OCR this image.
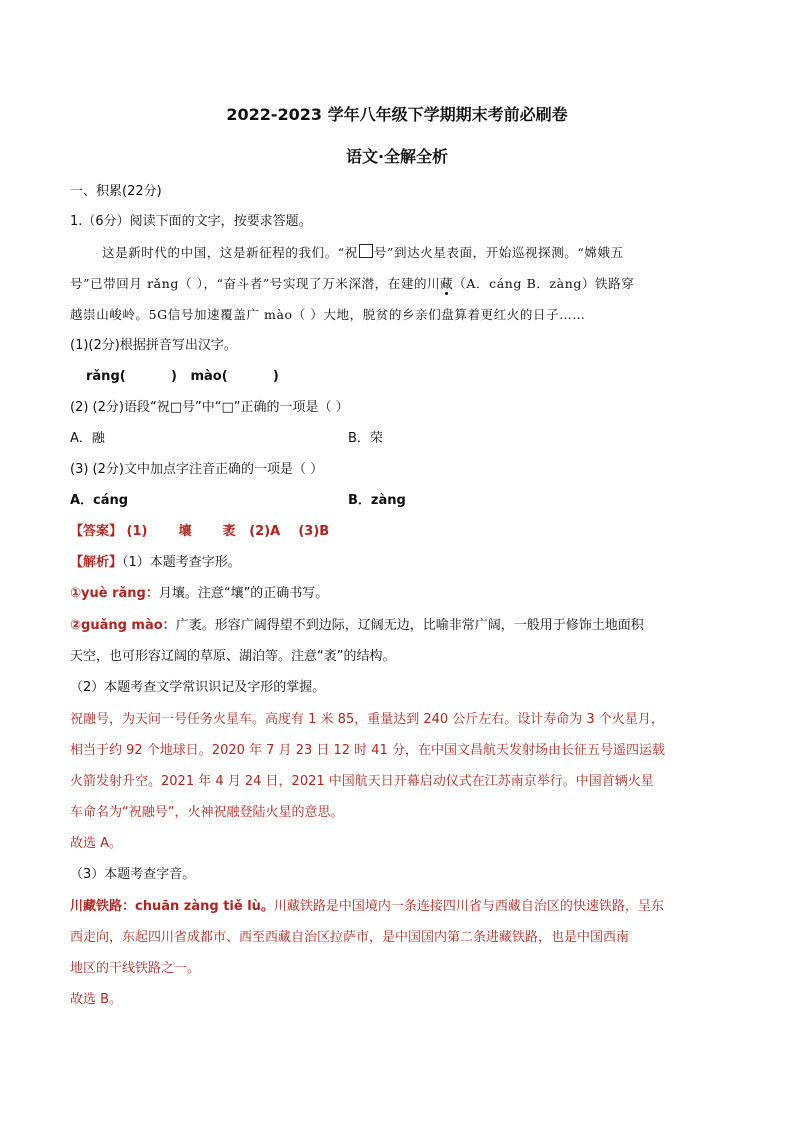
2022-2023 学年八年级下学期期末考前必刷卷
语文·全解全析
一、积累(22分)
1.（6分）阅读下面的文字，按要求答题。
这是新时代的中国，这是新征程的我们。“祝 号”到达火星表面，开始巡视探测。“嫦娥五
号”已带回月 rǎng（ ），“奋斗者”号实现了万米深潜，在建的川藏（A．cáng B．zàng）铁路穿
越崇山峻岭。5G信号加速覆盖广 mào（ ）大地，脱贫的乡亲们盘算着更红火的日子……
(1)(2分)根据拼音写出汉字。
rǎng(          )   mào(          )
(2) (2分)语段“祝□号”中“□”正确的一项是（ ）
A．融	B．荣
(3) (2分)文中加点字注音正确的一项是（ ）
A．cáng	B．zàng
【答案】 (1) 壤 袤 (2)A (3)B
【解析】（1）本题考查字形。
①yuè rǎng：月壤。注意“壤”的正确书写。
②guǎng mào：广袤。形容广阔得望不到边际，辽阔无边，比喻非常广阔，一般用于修饰土地面积
天空，也可形容辽阔的草原、湖泊等。注意“袤”的结构。
（2）本题考查文学常识识记及字形的掌握。
祝融号，为天问一号任务火星车。高度有 1 米 85，重量达到 240 公斤左右。设计寿命为 3 个火星月，
相当于约 92 个地球日。2020 年 7 月 23 日 12 时 41 分，在中国文昌航天发射场由长征五号遥四运载
火箭发射升空。2021 年 4 月 24 日，2021 中国航天日开幕启动仪式在江苏南京举行。中国首辆火星
车命名为“祝融号”，火神祝融登陆火星的意思。
故选 A。
（3）本题考查字音。
川藏铁路：chuān zàng tiě lù。川藏铁路是中国境内一条连接四川省与西藏自治区的快速铁路，呈东
西走向，东起四川省成都市、西至西藏自治区拉萨市，是中国国内第二条进藏铁路，也是中国西南
地区的干线铁路之一。
故选 B。
